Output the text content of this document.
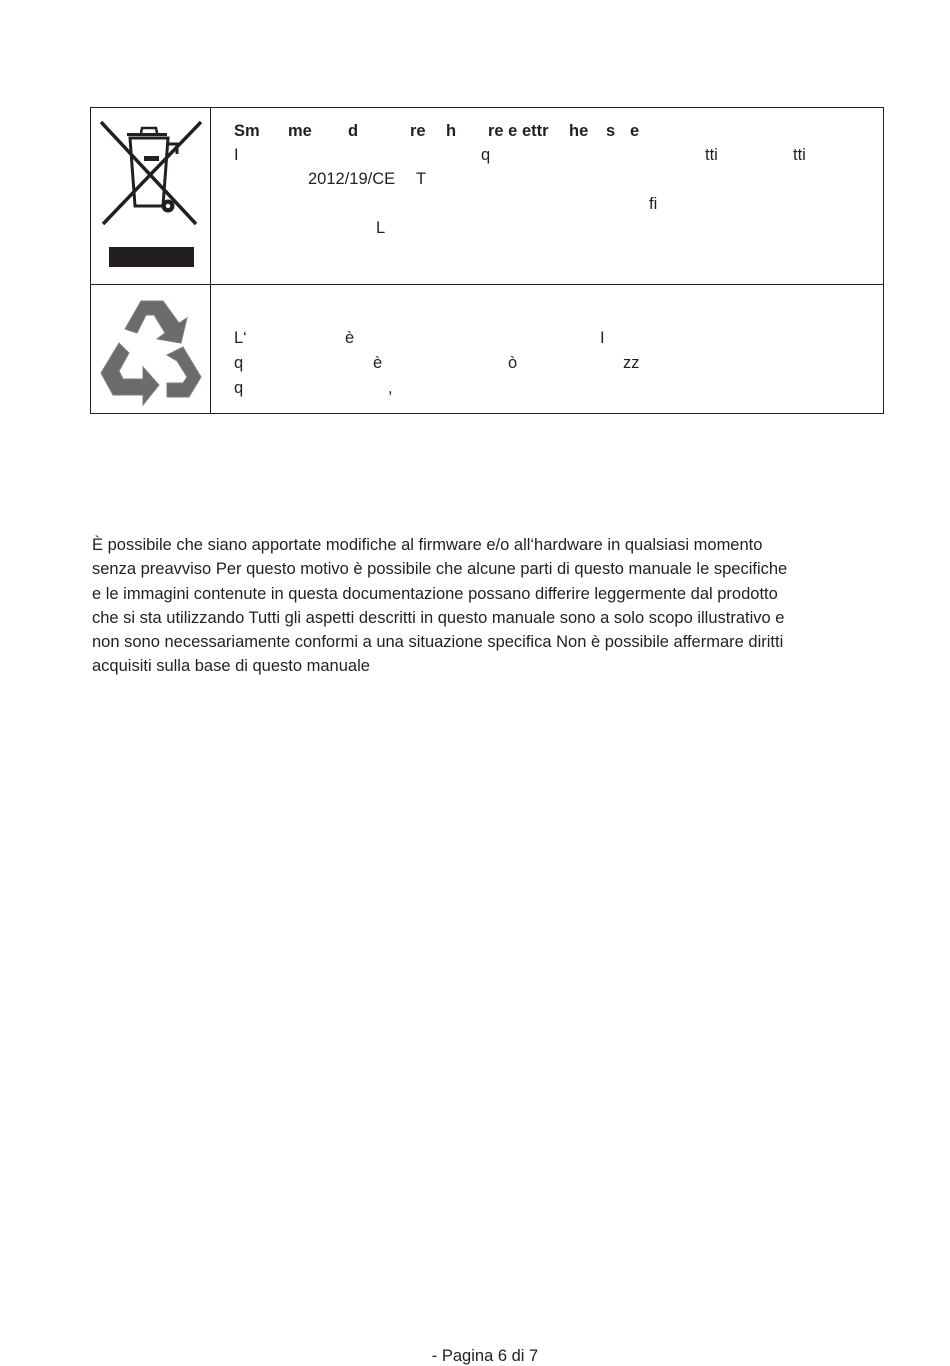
Sm me d	re h re e ettr he s e
I	q	tti	tti
2012/19/CE T
fi
L
L‘	è	I
q	è	ò	zz
q	,
È possibile che siano apportate modifiche al firmware e/o all‘hardware in qualsiasi momento
senza preavviso Per questo motivo è possibile che alcune parti di questo manuale le specifiche
e le immagini contenute in questa documentazione possano differire leggermente dal prodotto
che si sta utilizzando Tutti gli aspetti descritti in questo manuale sono a solo scopo illustrativo e
non sono necessariamente conformi a una situazione specifica Non è possibile affermare diritti
acquisiti sulla base di questo manuale
- Pagina 6 di 7
